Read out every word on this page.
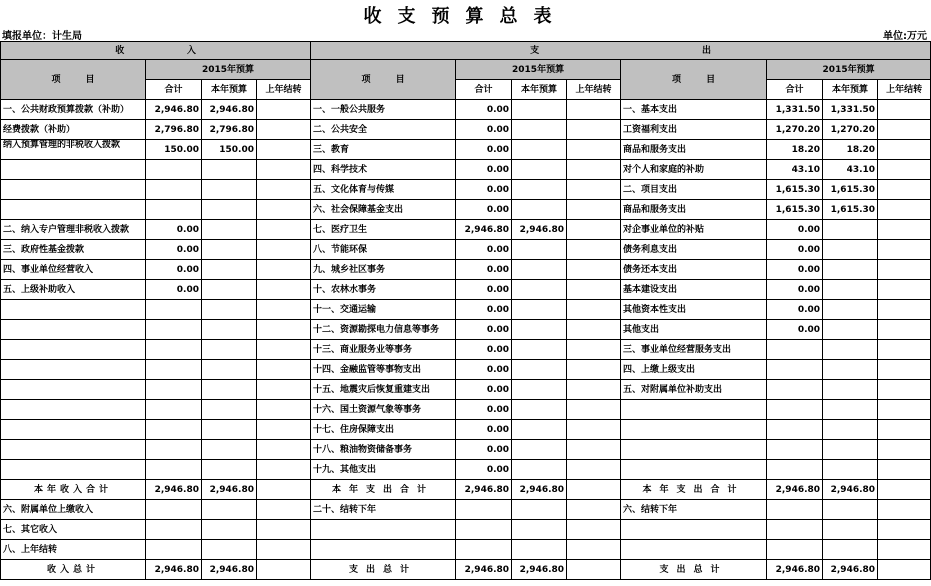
收支预算总表
填报单位：计生局	单位:万元
收                    入				支                                                    出							
项        目	2015年预算			项        目	2015年预算			项        目	2015年预算		
	合计	本年预算	上年结转		合计	本年预算	上年结转		合计	本年预算	上年结转
一、公共财政预算拨款（补助）	2,946.80	2,946.80		一、一般公共服务	0.00			一、基本支出	1,331.50	1,331.50	
经费拨款（补助）	2,796.80	2,796.80		二、公共安全	0.00			工资福利支出	1,270.20	1,270.20	
纳入预算管理的非税收入拨款	150.00	150.00		三、教育	0.00			商品和服务支出	18.20	18.20	
				四、科学技术	0.00			对个人和家庭的补助	43.10	43.10	
				五、文化体育与传媒	0.00			二、项目支出	1,615.30	1,615.30	
				六、社会保障基金支出	0.00			商品和服务支出	1,615.30	1,615.30	
二、纳入专户管理非税收入拨款	0.00			七、医疗卫生	2,946.80	2,946.80		对企事业单位的补贴	0.00		
三、政府性基金拨款	0.00			八、节能环保	0.00			债务利息支出	0.00		
四、事业单位经营收入	0.00			九、城乡社区事务	0.00			债务还本支出	0.00		
五、上级补助收入	0.00			十、农林水事务	0.00			基本建设支出	0.00		
				十一、交通运输	0.00			其他资本性支出	0.00		
				十二、资源勘探电力信息等事务	0.00			其他支出	0.00		
				十三、商业服务业等事务	0.00			三、事业单位经营服务支出			
				十四、金融监管等事物支出	0.00			四、上缴上级支出			
				十五、地震灾后恢复重建支出	0.00			五、对附属单位补助支出			
				十六、国土资源气象等事务	0.00						
				十七、住房保障支出	0.00						
				十八、粮油物资储备事务	0.00						
				十九、其他支出	0.00						
本年收入合计	2,946.80	2,946.80		本年支出合计	2,946.80	2,946.80		本年支出合计	2,946.80	2,946.80	
六、附属单位上缴收入				二十、结转下年				六、结转下年			
七、其它收入											
八、上年结转											
收入总计	2,946.80	2,946.80		支出总计	2,946.80	2,946.80		支出总计	2,946.80	2,946.80	
